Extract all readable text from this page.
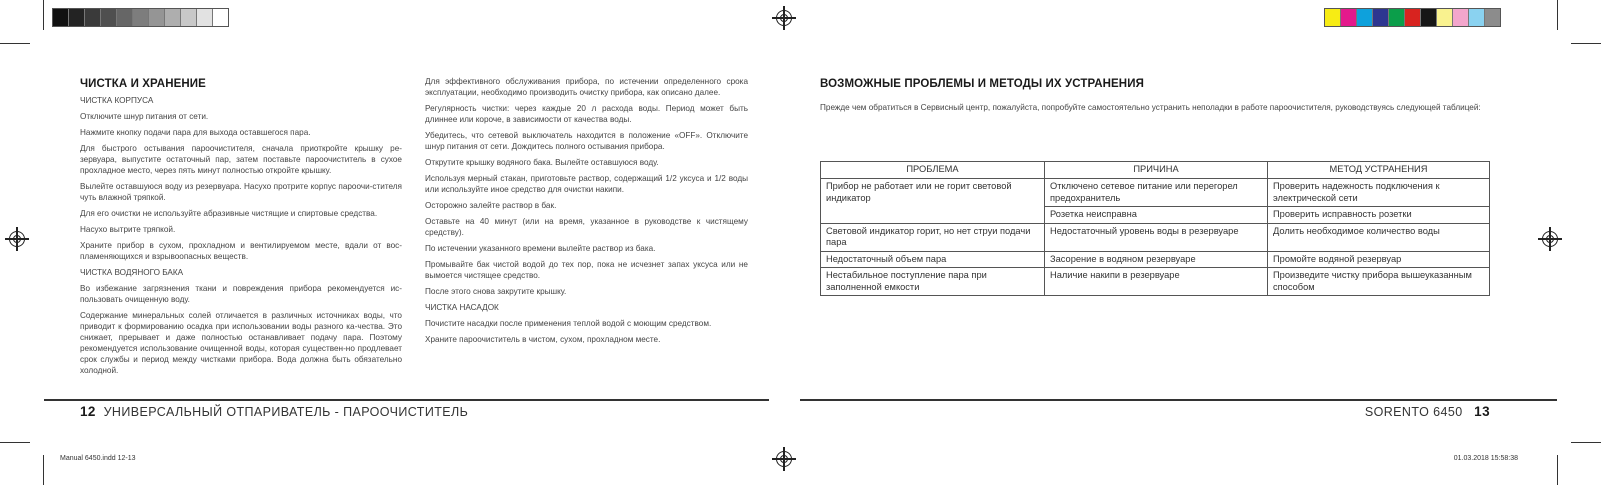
ЧИСТКА И ХРАНЕНИЕ

ЧИСТКА КОРПУСА

Отключите шнур питания от сети.

Нажмите кнопку подачи пара для выхода оставшегося пара.

Для быстрого остывания пароочистителя, сначала приоткройте крышку ре-зервуара, выпустите остаточный пар, затем поставьте пароочиститель в сухое прохладное место, через пять минут полностью откройте крышку.

Вылейте оставшуюся воду из резервуара. Насухо протрите корпус пароочи-стителя чуть влажной тряпкой.

Для его очистки не используйте абразивные чистящие и спиртовые средства.

Насухо вытрите тряпкой.

Храните прибор в сухом, прохладном и вентилируемом месте, вдали от вос-пламеняющихся и взрывоопасных веществ.

ЧИСТКА ВОДЯНОГО БАКА

Во избежание загрязнения ткани и повреждения прибора рекомендуется ис-пользовать очищенную воду.

Содержание минеральных солей отличается в различных источниках воды, что приводит к формированию осадка при использовании воды разного ка-чества. Это снижает, прерывает и даже полностью останавливает подачу пара. Поэтому рекомендуется использование очищенной воды, которая существен-но продлевает срок службы и период между чистками прибора. Вода должна быть обязательно холодной.

Для эффективного обслуживания прибора, по истечении определенного срока эксплуатации, необходимо производить очистку прибора, как описано далее.

Регулярность чистки: через каждые 20 л расхода воды. Период может быть длиннее или короче, в зависимости от качества воды.

Убедитесь, что сетевой выключатель находится в положение «OFF». Отключите шнур питания от сети. Дождитесь полного остывания прибора.

Открутите крышку водяного бака. Вылейте оставшуюся воду.

Используя мерный стакан, приготовьте раствор, содержащий 1/2 уксуса и 1/2 воды или используйте иное средство для очистки накипи.

Осторожно залейте раствор в бак.

Оставьте на 40 минут (или на время, указанное в руководстве к чистящему средству).

По истечении указанного времени вылейте раствор из бака.

Промывайте бак чистой водой до тех пор, пока не исчезнет запах уксуса или не вымоется чистящее средство.

После этого снова закрутите крышку.

ЧИСТКА НАСАДОК

Почистите насадки после применения теплой водой с моющим средством.

Храните пароочиститель в чистом, сухом, прохладном месте.

ВОЗМОЖНЫЕ ПРОБЛЕМЫ И МЕТОДЫ ИХ УСТРАНЕНИЯ

Прежде чем обратиться в Сервисный центр, пожалуйста, попробуйте самостоятельно устранить неполадки в работе пароочистителя, руководствуясь следующей таблицей:

ПРОБЛЕМА	ПРИЧИНА	МЕТОД УСТРАНЕНИЯ
Прибор не работает или не горит световой индикатор	Отключено сетевое питание или перегорел предохранитель	Проверить надежность подключения к электрической сети
	Розетка неисправна	Проверить исправность розетки
Световой индикатор горит, но нет струи подачи пара	Недостаточный уровень воды в резервуаре	Долить необходимое количество воды
Недостаточный объем пара	Засорение в водяном резервуаре	Промойте водяной резервуар
Нестабильное поступление пара при заполненной емкости	Наличие накипи в резервуаре	Произведите чистку прибора вышеуказанным способом
12 УНИВЕРСАЛЬНЫЙ ОТПАРИВАТЕЛЬ - ПАРООЧИСТИТЕЛЬ	SORENTO 6450 13
Manual 6450.indd 12-13	01.03.2018 15:58:38
